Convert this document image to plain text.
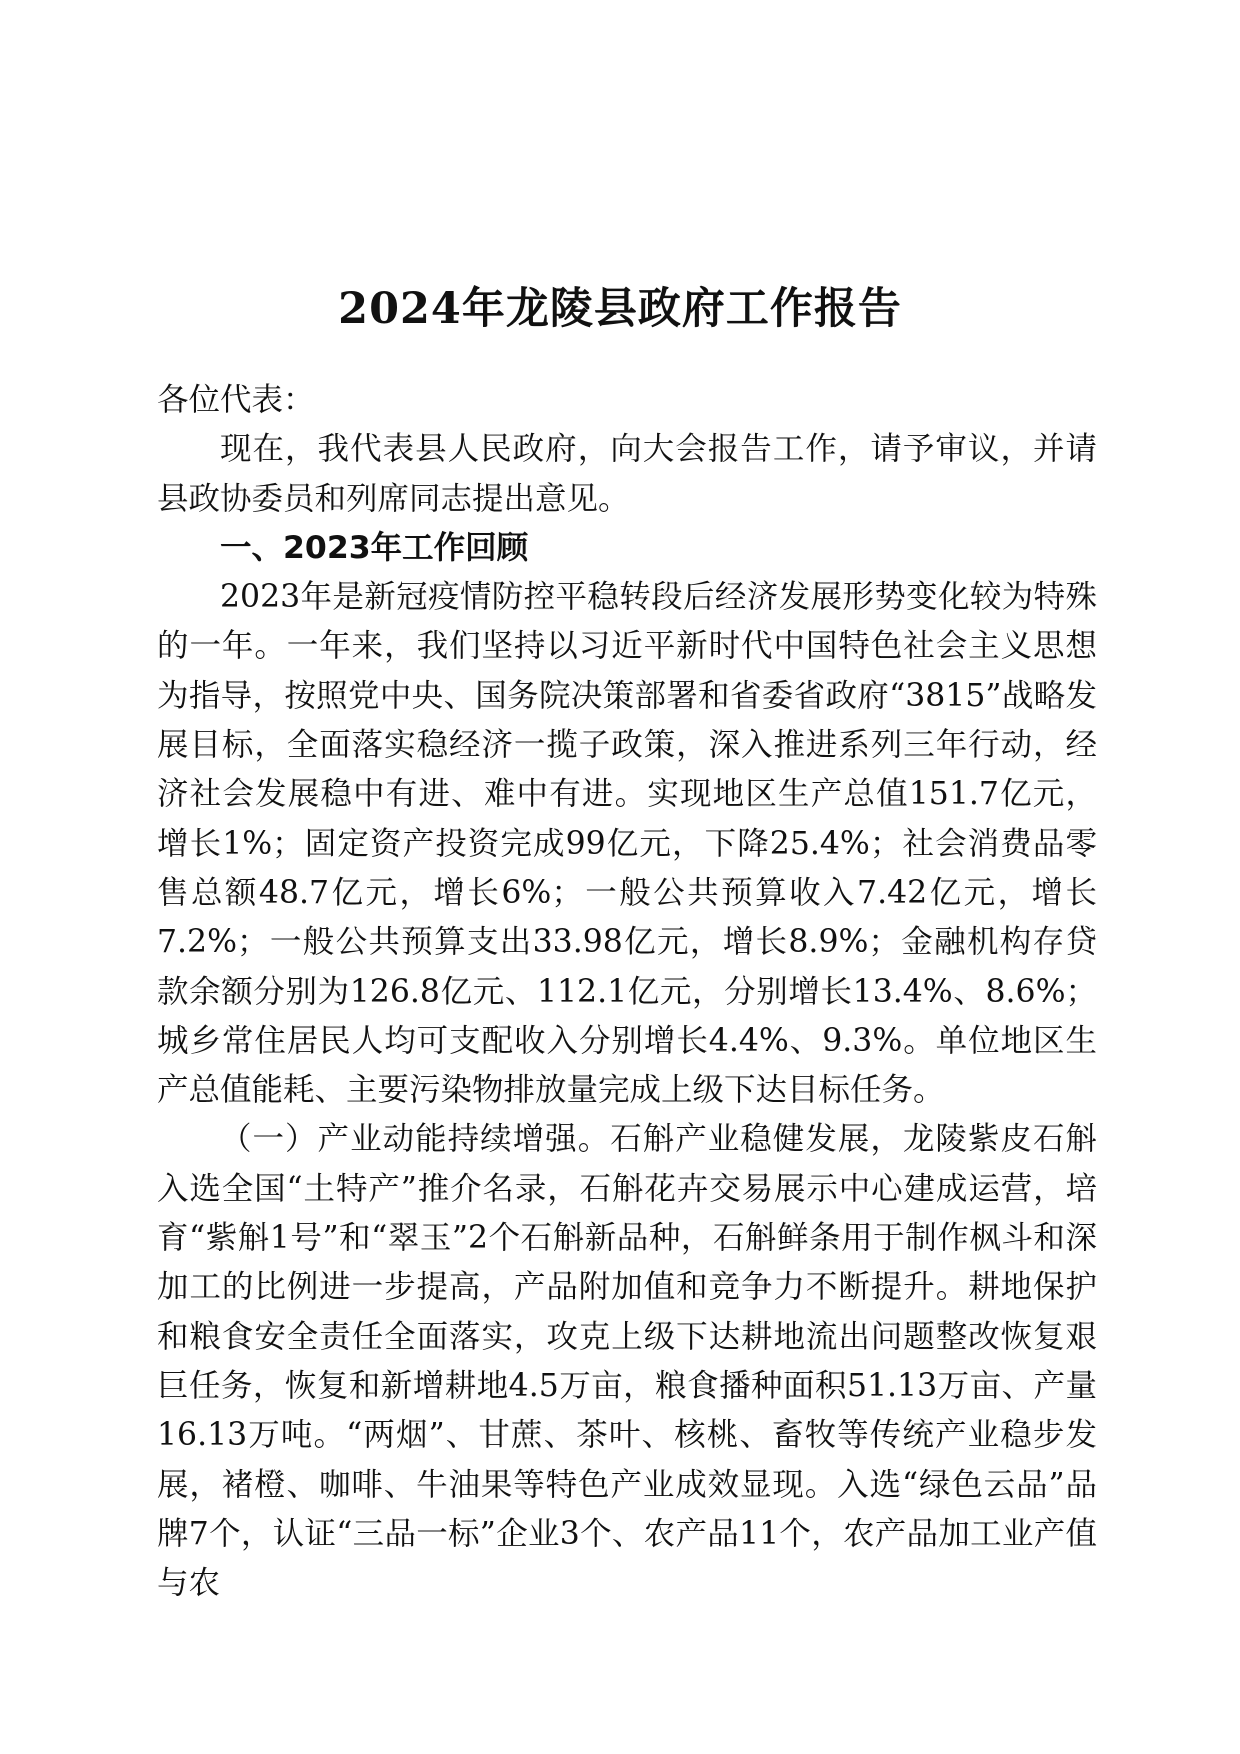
2024年龙陵县政府工作报告

各位代表：

现在，我代表县人民政府，向大会报告工作，请予审议，并请县政协委员和列席同志提出意见。

一、2023年工作回顾

2023年是新冠疫情防控平稳转段后经济发展形势变化较为特殊的一年。一年来，我们坚持以习近平新时代中国特色社会主义思想为指导，按照党中央、国务院决策部署和省委省政府“3815”战略发展目标，全面落实稳经济一揽子政策，深入推进系列三年行动，经济社会发展稳中有进、难中有进。实现地区生产总值151.7亿元，增长1%；固定资产投资完成99亿元，下降25.4%；社会消费品零售总额48.7亿元，增长6%；一般公共预算收入7.42亿元，增长7.2%；一般公共预算支出33.98亿元，增长8.9%；金融机构存贷款余额分别为126.8亿元、112.1亿元，分别增长13.4%、8.6%；城乡常住居民人均可支配收入分别增长4.4%、9.3%。单位地区生产总值能耗、主要污染物排放量完成上级下达目标任务。

（一）产业动能持续增强。石斛产业稳健发展，龙陵紫皮石斛入选全国“土特产”推介名录，石斛花卉交易展示中心建成运营，培育“紫斛1号”和“翠玉”2个石斛新品种，石斛鲜条用于制作枫斗和深加工的比例进一步提高，产品附加值和竞争力不断提升。耕地保护和粮食安全责任全面落实，攻克上级下达耕地流出问题整改恢复艰巨任务，恢复和新增耕地4.5万亩，粮食播种面积51.13万亩、产量16.13万吨。“两烟”、甘蔗、茶叶、核桃、畜牧等传统产业稳步发展，褚橙、咖啡、牛油果等特色产业成效显现。入选“绿色云品”品牌7个，认证“三品一标”企业3个、农产品11个，农产品加工业产值与农
